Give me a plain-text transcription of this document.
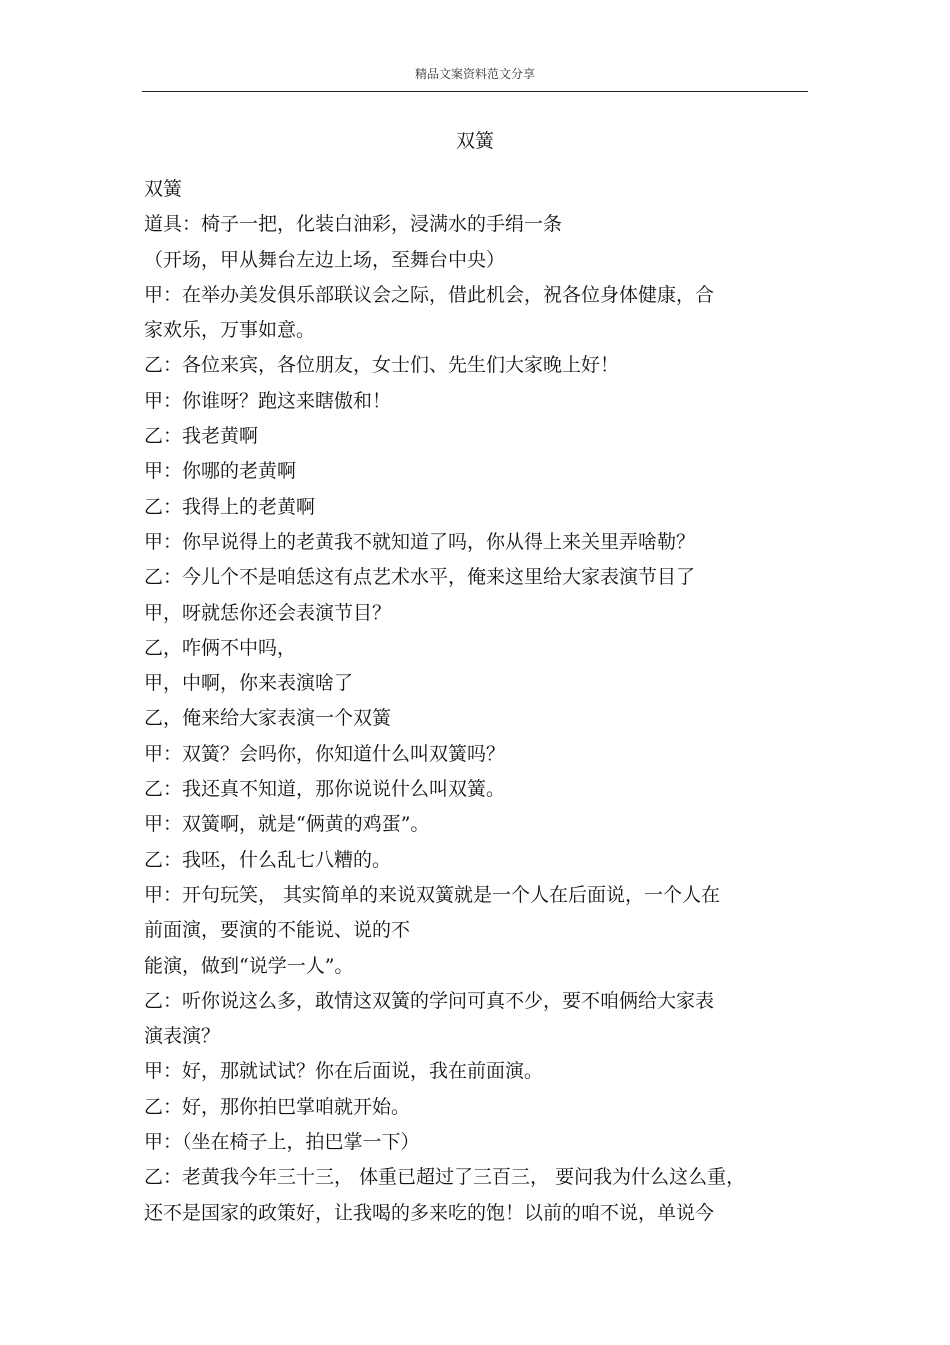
精品文案资料范文分享
双簧
双簧
道具：椅子一把，化装白油彩，浸满水的手绢一条
（开场，甲从舞台左边上场，至舞台中央）
甲：在举办美发俱乐部联议会之际，借此机会，祝各位身体健康，合
家欢乐，万事如意。
乙：各位来宾，各位朋友，女士们、先生们大家晚上好！
甲：你谁呀？跑这来瞎傲和！
乙：我老黄啊
甲：你哪的老黄啊
乙：我得上的老黄啊
甲：你早说得上的老黄我不就知道了吗，你从得上来关里弄啥勒？
乙：今儿个不是咱恁这有点艺术水平，俺来这里给大家表演节目了
甲，呀就恁你还会表演节目？
乙，咋俩不中吗，
甲，中啊，你来表演啥了
乙，俺来给大家表演一个双簧
甲：双簧？会吗你，你知道什么叫双簧吗？
乙：我还真不知道，那你说说什么叫双簧。
甲：双簧啊，就是“俩黄的鸡蛋”。
乙：我呸，什么乱七八糟的。
甲：开句玩笑， 其实简单的来说双簧就是一个人在后面说，一个人在
前面演，要演的不能说、说的不
能演，做到“说学一人”。
乙：听你说这么多，敢情这双簧的学问可真不少，要不咱俩给大家表
演表演？
甲：好，那就试试？你在后面说，我在前面演。
乙：好，那你拍巴掌咱就开始。
甲：（坐在椅子上，拍巴掌一下）
乙：老黄我今年三十三， 体重已超过了三百三， 要问我为什么这么重，
还不是国家的政策好，让我喝的多来吃的饱！以前的咱不说，单说今
